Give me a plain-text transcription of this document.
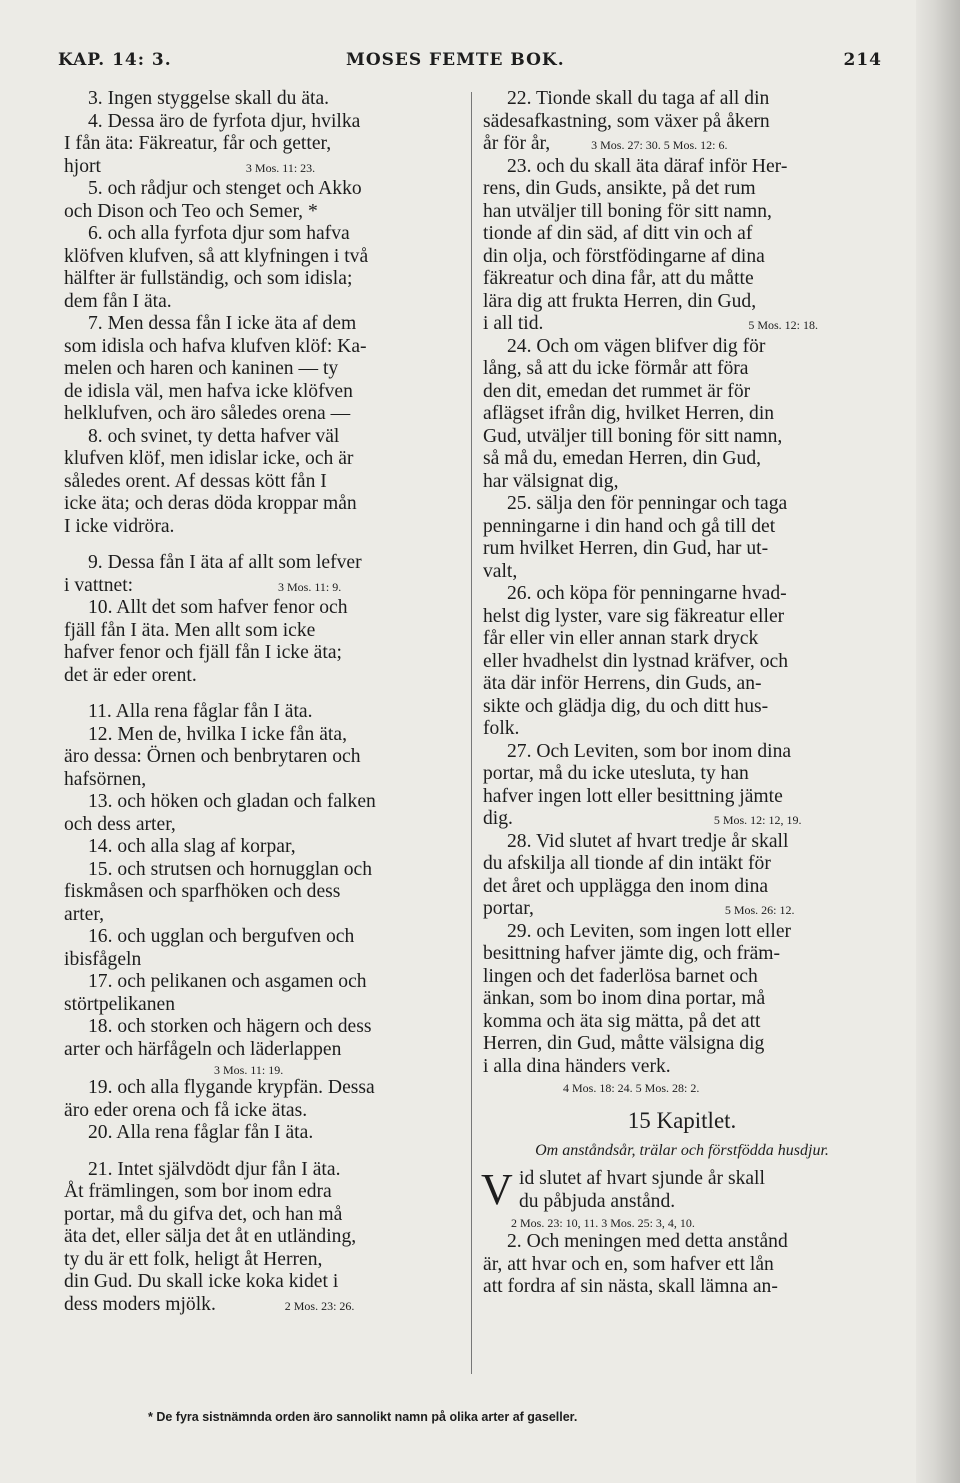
KAP. 14: 3.	MOSES FEMTE BOK.	214
3. Ingen styggelse skall du äta.
4. Dessa äro de fyrfota djur, hvilka
I fån äta: Fäkreatur, får och getter,
hjort	3 Mos. 11: 23.
5. och rådjur och stenget och Akko
och Dison och Teo och Semer, *
6. och alla fyrfota djur som hafva
klöfven klufven, så att klyfningen i två
hälfter är fullständig, och som idisla;
dem fån I äta.
7. Men dessa fån I icke äta af dem
som idisla och hafva klufven klöf: Ka-
melen och haren och kaninen — ty
de idisla väl, men hafva icke klöfven
helklufven, och äro således orena —
8. och svinet, ty detta hafver väl
klufven klöf, men idislar icke, och är
således orent. Af dessas kött fån I
icke äta; och deras döda kroppar mån
I icke vidröra.
9. Dessa fån I äta af allt som lefver
i vattnet:	3 Mos. 11: 9.
10. Allt det som hafver fenor och
fjäll fån I äta. Men allt som icke
hafver fenor och fjäll fån I icke äta;
det är eder orent.
11. Alla rena fåglar fån I äta.
12. Men de, hvilka I icke fån äta,
äro dessa: Örnen och benbrytaren och
hafsörnen,
13. och höken och gladan och falken
och dess arter,
14. och alla slag af korpar,
15. och strutsen och hornugglan och
fiskmåsen och sparfhöken och dess
arter,
16. och ugglan och bergufven och
ibisfågeln
17. och pelikanen och asgamen och
störtpelikanen
18. och storken och hägern och dess
arter och härfågeln och läderlappen
3 Mos. 11: 19.
19. och alla flygande krypfän. Dessa
äro eder orena och få icke ätas.
20. Alla rena fåglar fån I äta.
21. Intet självdödt djur fån I äta.
Åt främlingen, som bor inom edra
portar, må du gifva det, och han må
äta det, eller sälja det åt en utländing,
ty du är ett folk, heligt åt Herren,
din Gud. Du skall icke koka kidet i
dess moders mjölk.	2 Mos. 23: 26.
22. Tionde skall du taga af all din
sädesafkastning, som växer på åkern
år för år,	3 Mos. 27: 30. 5 Mos. 12: 6.
23. och du skall äta däraf inför Her-
rens, din Guds, ansikte, på det rum
han utväljer till boning för sitt namn,
tionde af din säd, af ditt vin och af
din olja, och förstfödingarne af dina
fäkreatur och dina får, att du måtte
lära dig att frukta Herren, din Gud,
i all tid.	5 Mos. 12: 18.
24. Och om vägen blifver dig för
lång, så att du icke förmår att föra
den dit, emedan det rummet är för
aflägset ifrån dig, hvilket Herren, din
Gud, utväljer till boning för sitt namn,
så må du, emedan Herren, din Gud,
har välsignat dig,
25. sälja den för penningar och taga
penningarne i din hand och gå till det
rum hvilket Herren, din Gud, har ut-
valt,
26. och köpa för penningarne hvad-
helst dig lyster, vare sig fäkreatur eller
får eller vin eller annan stark dryck
eller hvadhelst din lystnad kräfver, och
äta där inför Herrens, din Guds, an-
sikte och glädja dig, du och ditt hus-
folk.
27. Och Leviten, som bor inom dina
portar, må du icke utesluta, ty han
hafver ingen lott eller besittning jämte
dig.	5 Mos. 12: 12, 19.
28. Vid slutet af hvart tredje år skall
du afskilja all tionde af din intäkt för
det året och upplägga den inom dina
portar,	5 Mos. 26: 12.
29. och Leviten, som ingen lott eller
besittning hafver jämte dig, och främ-
lingen och det faderlösa barnet och
änkan, som bo inom dina portar, må
komma och äta sig mätta, på det att
Herren, din Gud, måtte välsigna dig
i alla dina händers verk.
4 Mos. 18: 24. 5 Mos. 28: 2.
15 Kapitlet.
Om anståndsår, trälar och förstfödda husdjur.
V id slutet af hvart sjunde år skall
du påbjuda anstånd.
2 Mos. 23: 10, 11. 3 Mos. 25: 3, 4, 10.
2. Och meningen med detta anstånd
är, att hvar och en, som hafver ett lån
att fordra af sin nästa, skall lämna an-
* De fyra sistnämnda orden äro sannolikt namn på olika arter af gaseller.
